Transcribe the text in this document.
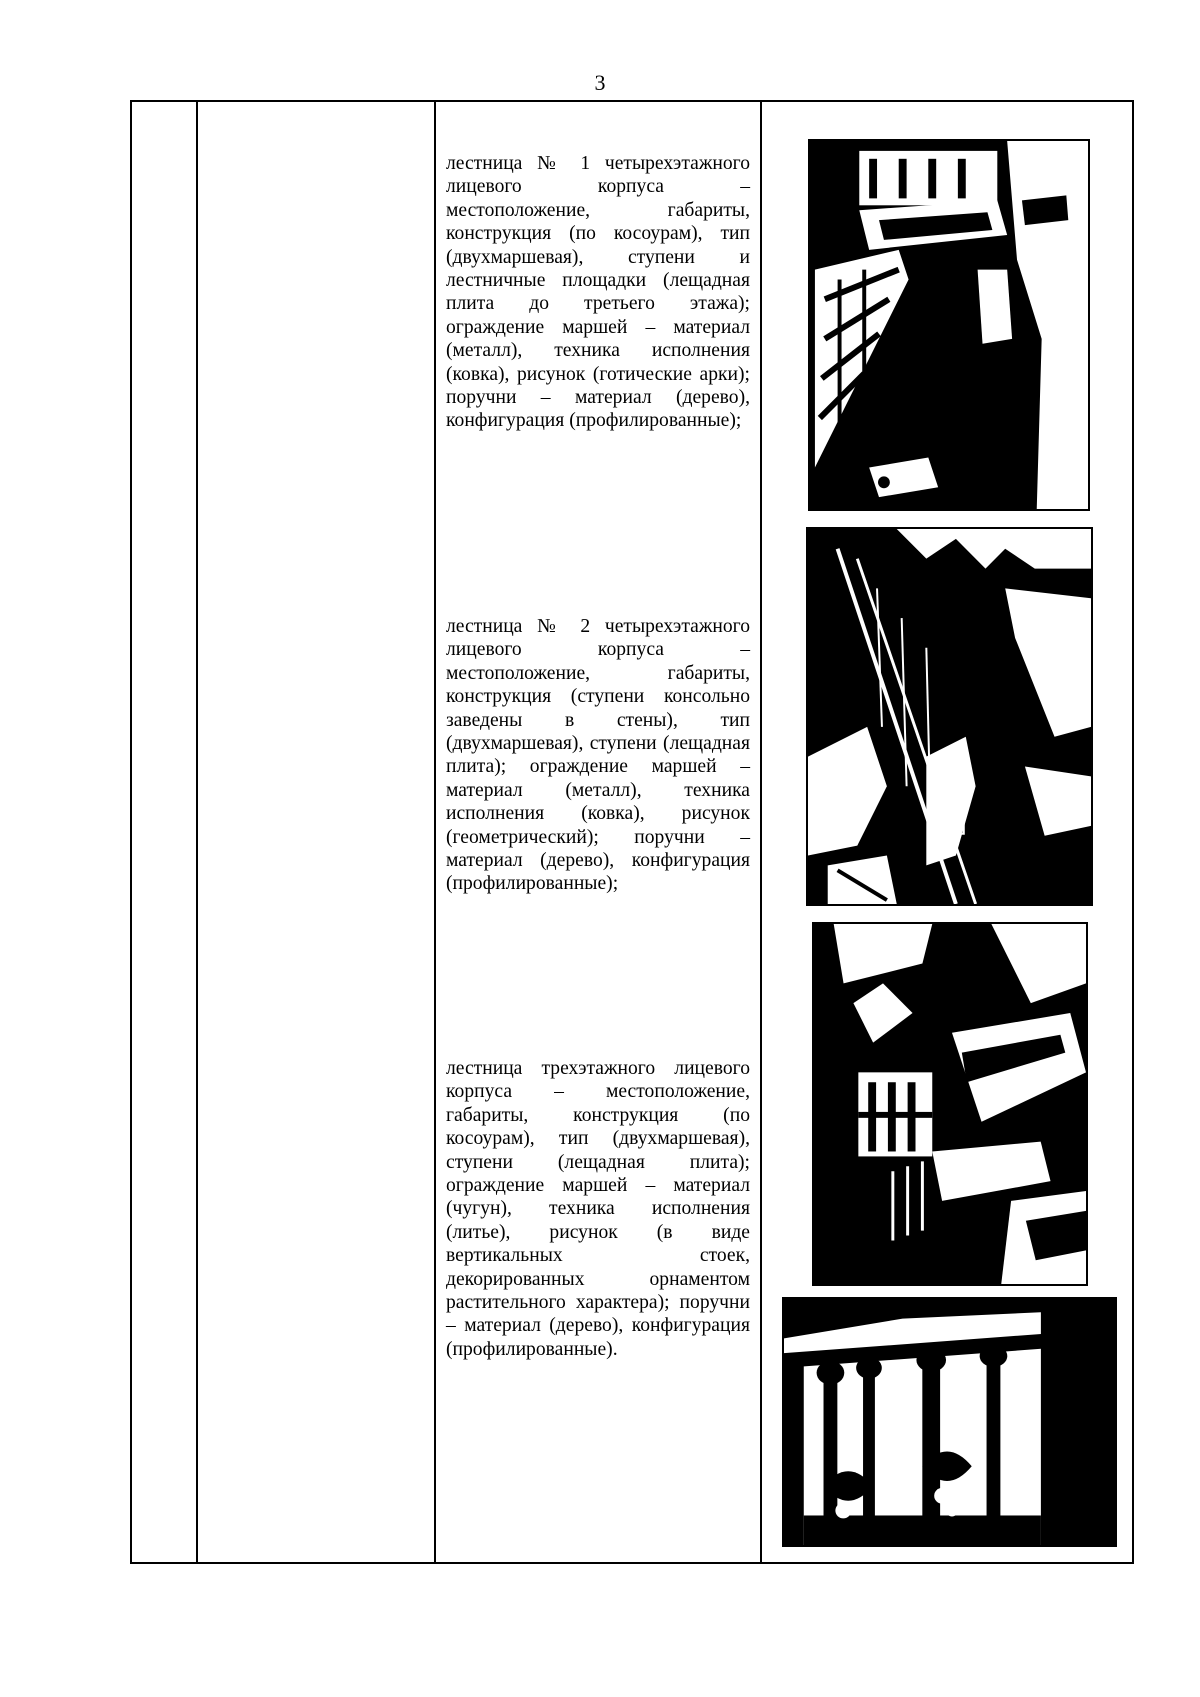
3
лестница № 1 четырехэтажного лицевого корпуса – местоположение, габариты, конструкция (по косоурам), тип (двухмаршевая), ступени и лестничные площадки (лещадная плита до третьего этажа); ограждение маршей – материал (металл), техника исполнения (ковка), рисунок (готические арки); поручни – материал (дерево), конфигурация (профилированные);
лестница № 2 четырехэтажного лицевого корпуса – местоположение, габариты, конструкция (ступени консольно заведены в стены), тип (двухмаршевая), ступени (лещадная плита); ограждение маршей – материал (металл), техника исполнения (ковка), рисунок (геометрический); поручни – материал (дерево), конфигурация (профилированные);
лестница трехэтажного лицевого корпуса – местоположение, габариты, конструкция (по косоурам), тип (двухмаршевая), ступени (лещадная плита); ограждение маршей – материал (чугун), техника исполнения (литье), рисунок (в виде вертикальных стоек, декорированных орнаментом растительного характера); поручни – материал (дерево), конфигурация (профилированные).
